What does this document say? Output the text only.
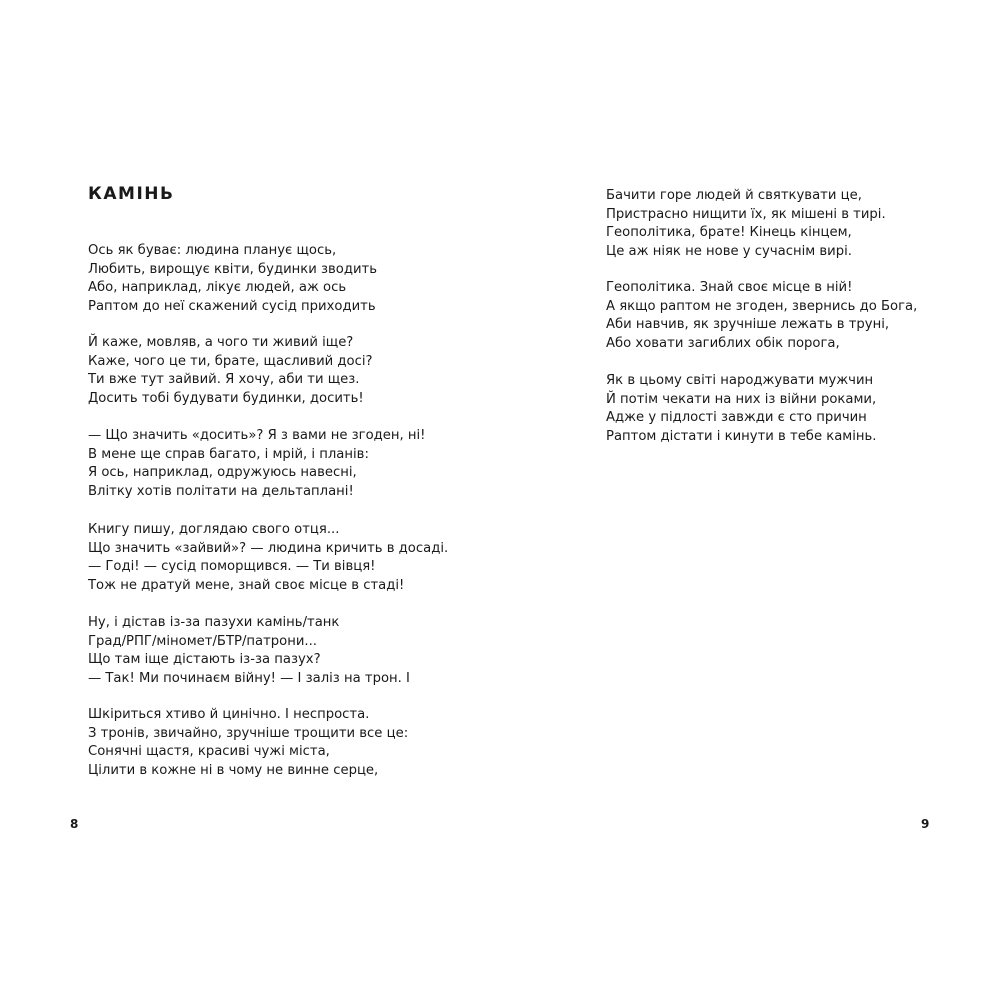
КАМІНЬ
Ось як буває: людина планує щось,
Любить, вирощує квіти, будинки зводить
Або, наприклад, лікує людей, аж ось
Раптом до неї скажений сусід приходить
Й каже, мовляв, а чого ти живий іще?
Каже, чого це ти, брате, щасливий досі?
Ти вже тут зайвий. Я хочу, аби ти щез.
Досить тобі будувати будинки, досить!
— Що значить «досить»? Я з вами не згоден, ні!
В мене ще справ багато, і мрій, і планів:
Я ось, наприклад, одружуюсь навесні,
Влітку хотів політати на дельтаплані!
Книгу пишу, доглядаю свого отця...
Що значить «зайвий»? — людина кричить в досаді.
— Годі! — сусід поморщився. — Ти вівця!
Тож не дратуй мене, знай своє місце в стаді!
Ну, і дістав із-за пазухи камінь/танк
Град/РПГ/міномет/БТР/патрони...
Що там іще дістають із-за пазух?
— Так! Ми починаєм війну! — І заліз на трон. І
Шкіриться хтиво й цинічно. І неспроста.
З тронів, звичайно, зручніше трощити все це:
Сонячні щастя, красиві чужі міста,
Цілити в кожне ні в чому не винне серце,
Бачити горе людей й святкувати це,
Пристрасно нищити їх, як мішені в тирі.
Геополітика, брате! Кінець кінцем,
Це аж ніяк не нове у сучаснім вирі.
Геополітика. Знай своє місце в ній!
А якщо раптом не згоден, звернись до Бога,
Аби навчив, як зручніше лежать в труні,
Або ховати загиблих обік порога,
Як в цьому світі народжувати мужчин
Й потім чекати на них із війни роками,
Адже у підлості завжди є сто причин
Раптом дістати і кинути в тебе камінь.
8	9
